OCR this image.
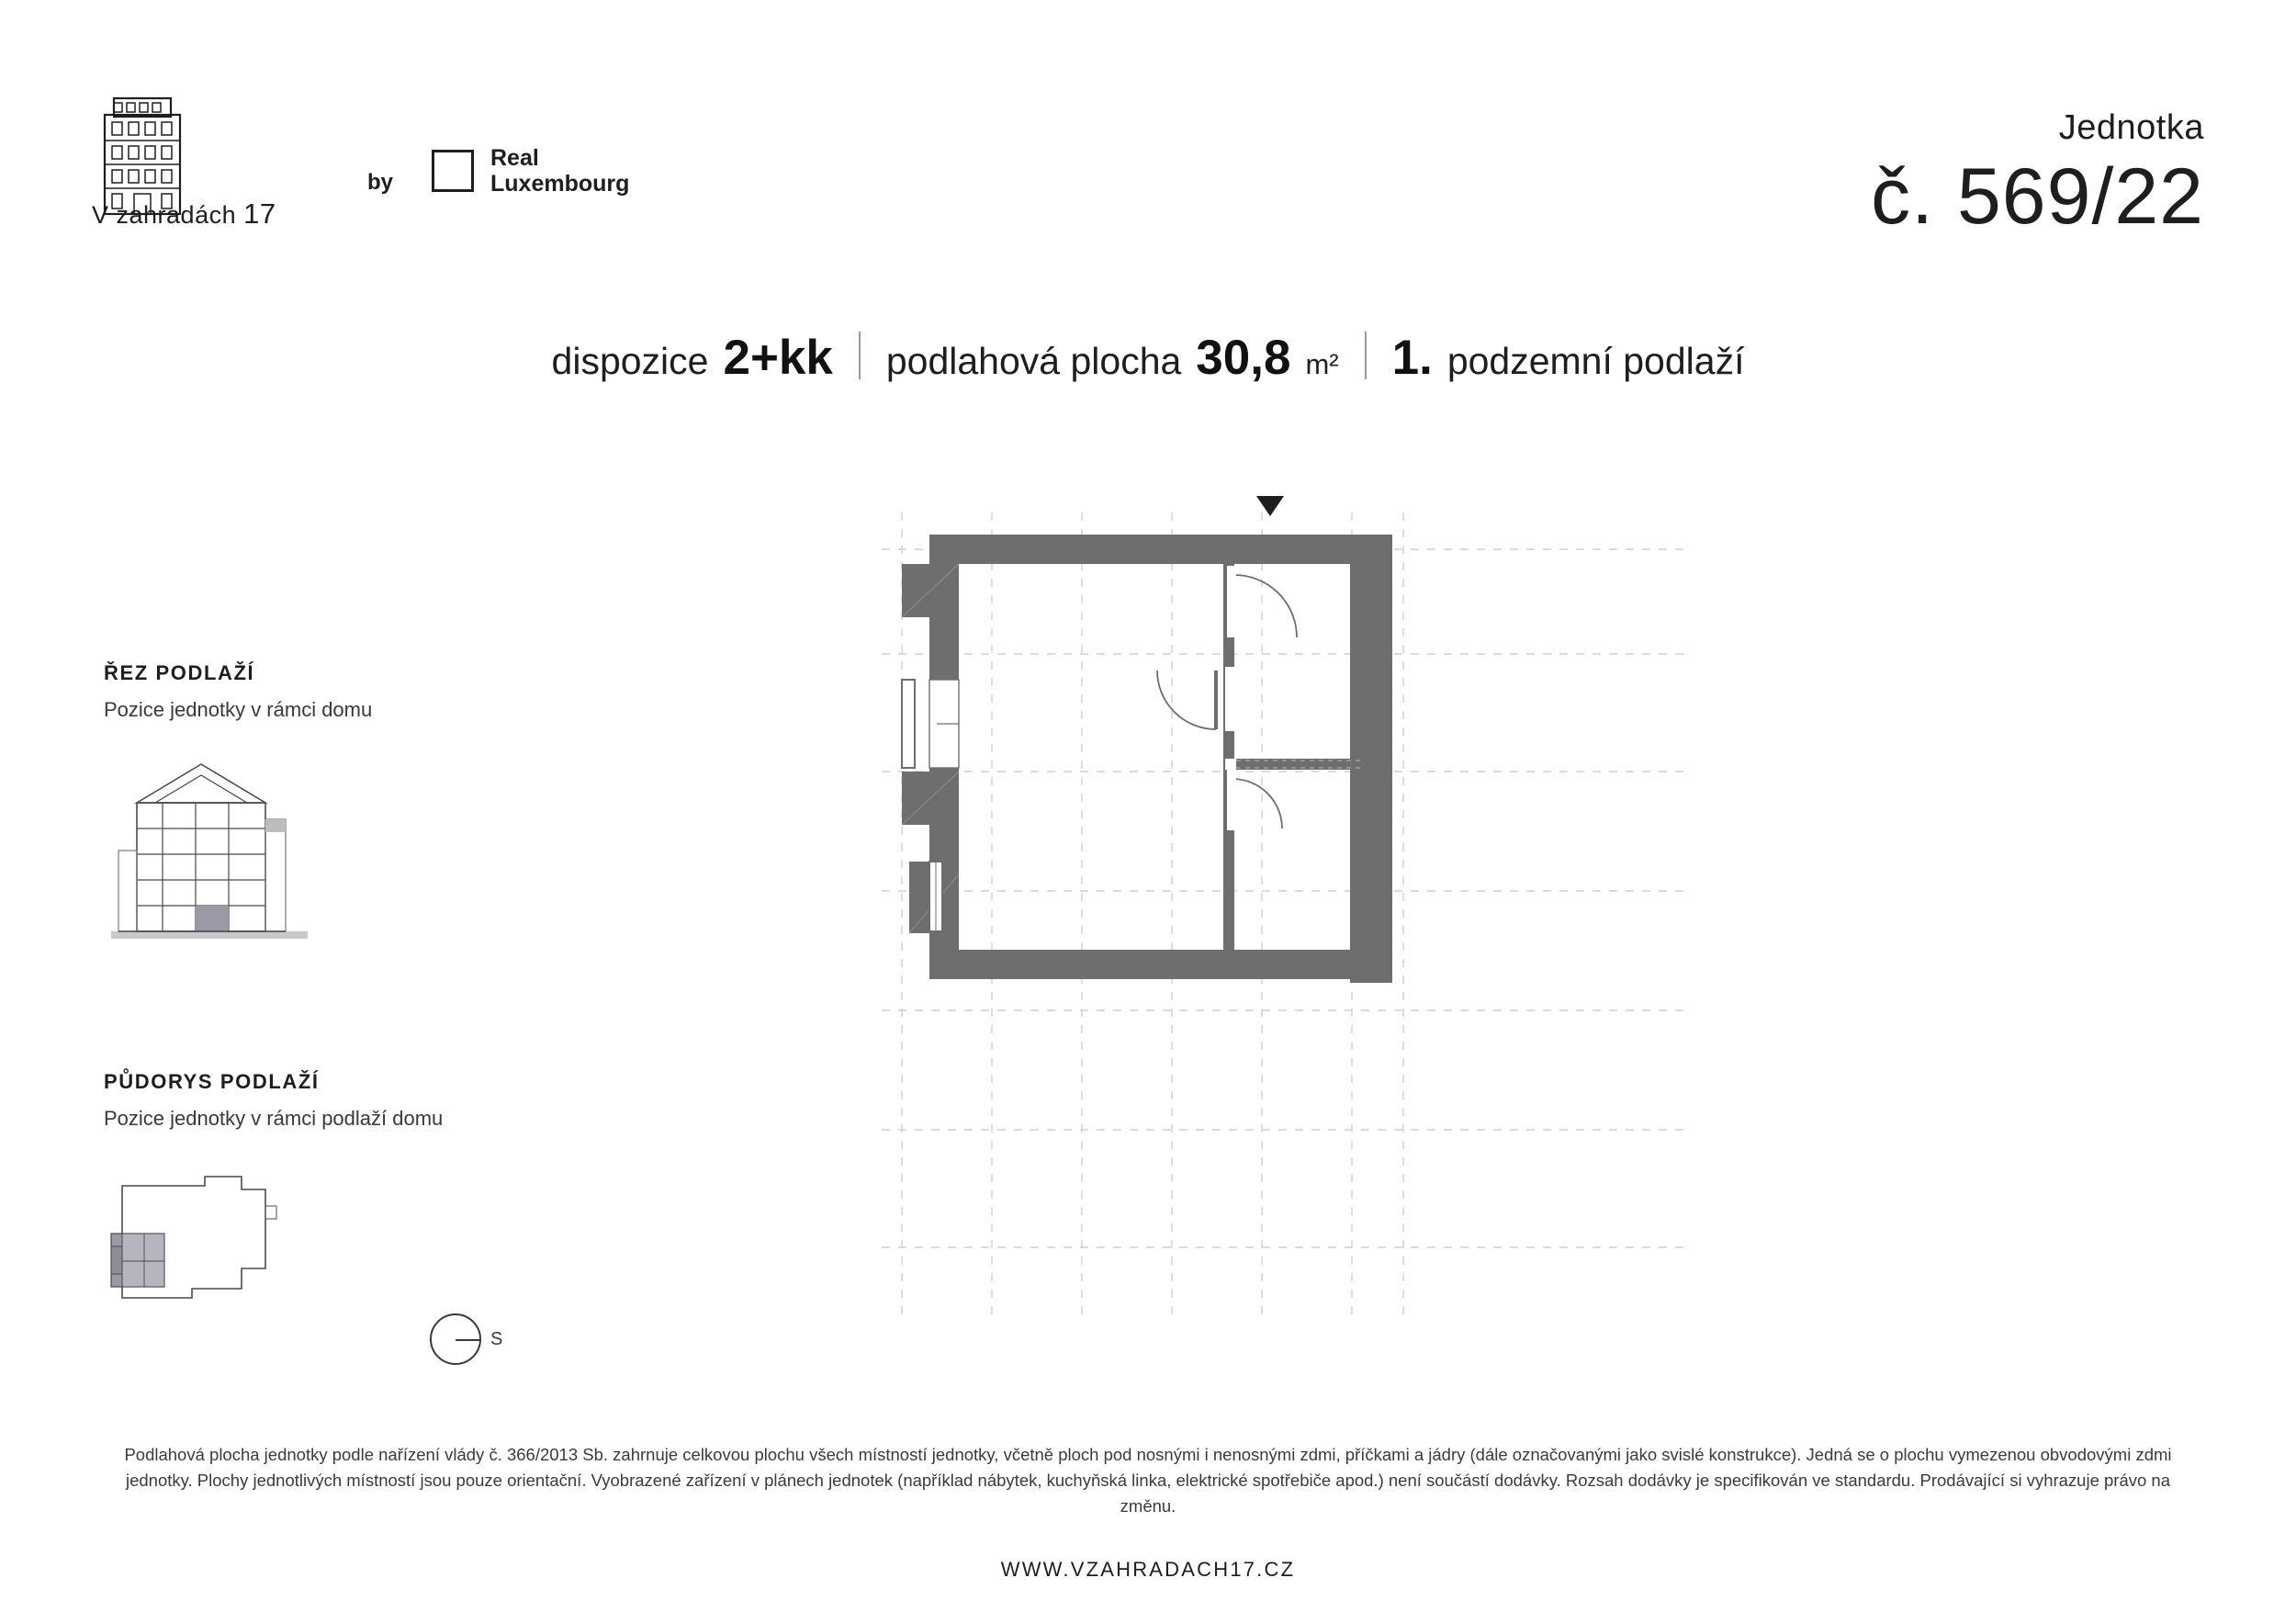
V zahradách 17
by
Real
Luxembourg
Jednotka
č. 569/22
dispozice 2+kk podlahová plocha 30,8 m² 1. podzemní podlaží
ŘEZ PODLAŽÍ
Pozice jednotky v rámci domu
PŮDORYS PODLAŽÍ
Pozice jednotky v rámci podlaží domu
S
Podlahová plocha jednotky podle nařízení vlády č. 366/2013 Sb. zahrnuje celkovou plochu všech místností jednotky, včetně ploch pod nosnými i nenosnými zdmi, příčkami a jádry (dále označovanými jako svislé konstrukce). Jedná se o plochu vymezenou obvodovými zdmi jednotky. Plochy jednotlivých místností jsou pouze orientační. Vyobrazené zařízení v plánech jednotek (například nábytek, kuchyňská linka, elektrické spotřebiče apod.) není součástí dodávky. Rozsah dodávky je specifikován ve standardu. Prodávající si vyhrazuje právo na změnu.
WWW.VZAHRADACH17.CZ
